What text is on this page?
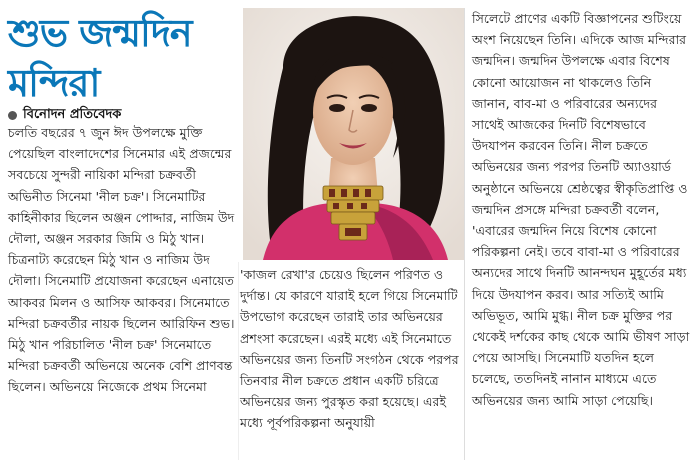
শুভ জন্মদিন
মন্দিরা
বিনোদন প্রতিবেদক
চলতি বছরের ৭ জুন ঈদ উপলক্ষে মুক্তি পেয়েছিল বাংলাদেশের সিনেমার এই প্রজন্মের সবচেয়ে সুন্দরী নায়িকা মন্দিরা চক্রবর্তী অভিনীত সিনেমা 'নীল চক্র'। সিনেমাটির কাহিনীকার ছিলেন অঞ্জন পোদ্দার, নাজিম উদ দৌলা, অঞ্জন সরকার জিমি ও মিঠু খান। চিত্রনাট্য করেছেন মিঠু খান ও নাজিম উদ দৌলা। সিনেমাটি প্রযোজনা করেছেন এনায়েত আকবর মিলন ও আসিফ আকবর। সিনেমাতে মন্দিরা চক্রবর্তীর নায়ক ছিলেন আরিফিন শুভ। মিঠু খান পরিচালিত 'নীল চক্র' সিনেমাতে মন্দিরা চক্রবর্তী অভিনয়ে অনেক বেশি প্রাণবন্ত ছিলেন। অভিনয়ে নিজেকে প্রথম সিনেমা
'কাজল রেখা'র চেয়েও ছিলেন পরিণত ও দুর্দান্ত। যে কারণে যারাই হলে গিয়ে সিনেমাটি উপভোগ করেছেন তারাই তার অভিনয়ের প্রশংসা করেছেন। এরই মধ্যে এই সিনেমাতে অভিনয়ের জন্য তিনটি সংগঠন থেকে পরপর তিনবার নীল চক্রতে প্রধান একটি চরিত্রে অভিনয়ের জন্য পুরস্কৃত করা হয়েছে। এরই মধ্যে পূর্বপরিকল্পনা অনুযায়ী
সিলেটে প্রাণের একটি বিজ্ঞাপনের শুটিংয়ে অংশ নিয়েছেন তিনি। এদিকে আজ মন্দিরার জন্মদিন। জন্মদিন উপলক্ষে এবার বিশেষ কোনো আয়োজন না থাকলেও তিনি জানান, বাব-মা ও পরিবারের অন্যদের সাথেই আজকের দিনটি বিশেষভাবে উদযাপন করবেন তিনি। নীল চক্রতে অভিনয়ের জন্য পরপর তিনটি অ্যাওয়ার্ড অনুষ্ঠানে অভিনয়ে শ্রেষ্ঠত্বের স্বীকৃতিপ্রাপ্তি ও জন্মদিন প্রসঙ্গে মন্দিরা চক্রবর্তী বলেন, 'এবারের জন্মদিন নিয়ে বিশেষ কোনো পরিকল্পনা নেই। তবে বাবা-মা ও পরিবারের অন্যদের সাথে দিনটি আনন্দঘন মুহূর্তের মধ্য দিয়ে উদযাপন করব। আর সত্যিই আমি অভিভূত, আমি মুগ্ধ। নীল চক্র মুক্তির পর থেকেই দর্শকের কাছ থেকে আমি ভীষণ সাড়া পেয়ে আসছি। সিনেমাটি যতদিন হলে চলেছে, ততদিনই নানান মাধ্যমে এতে অভিনয়ের জন্য আমি সাড়া পেয়েছি।
